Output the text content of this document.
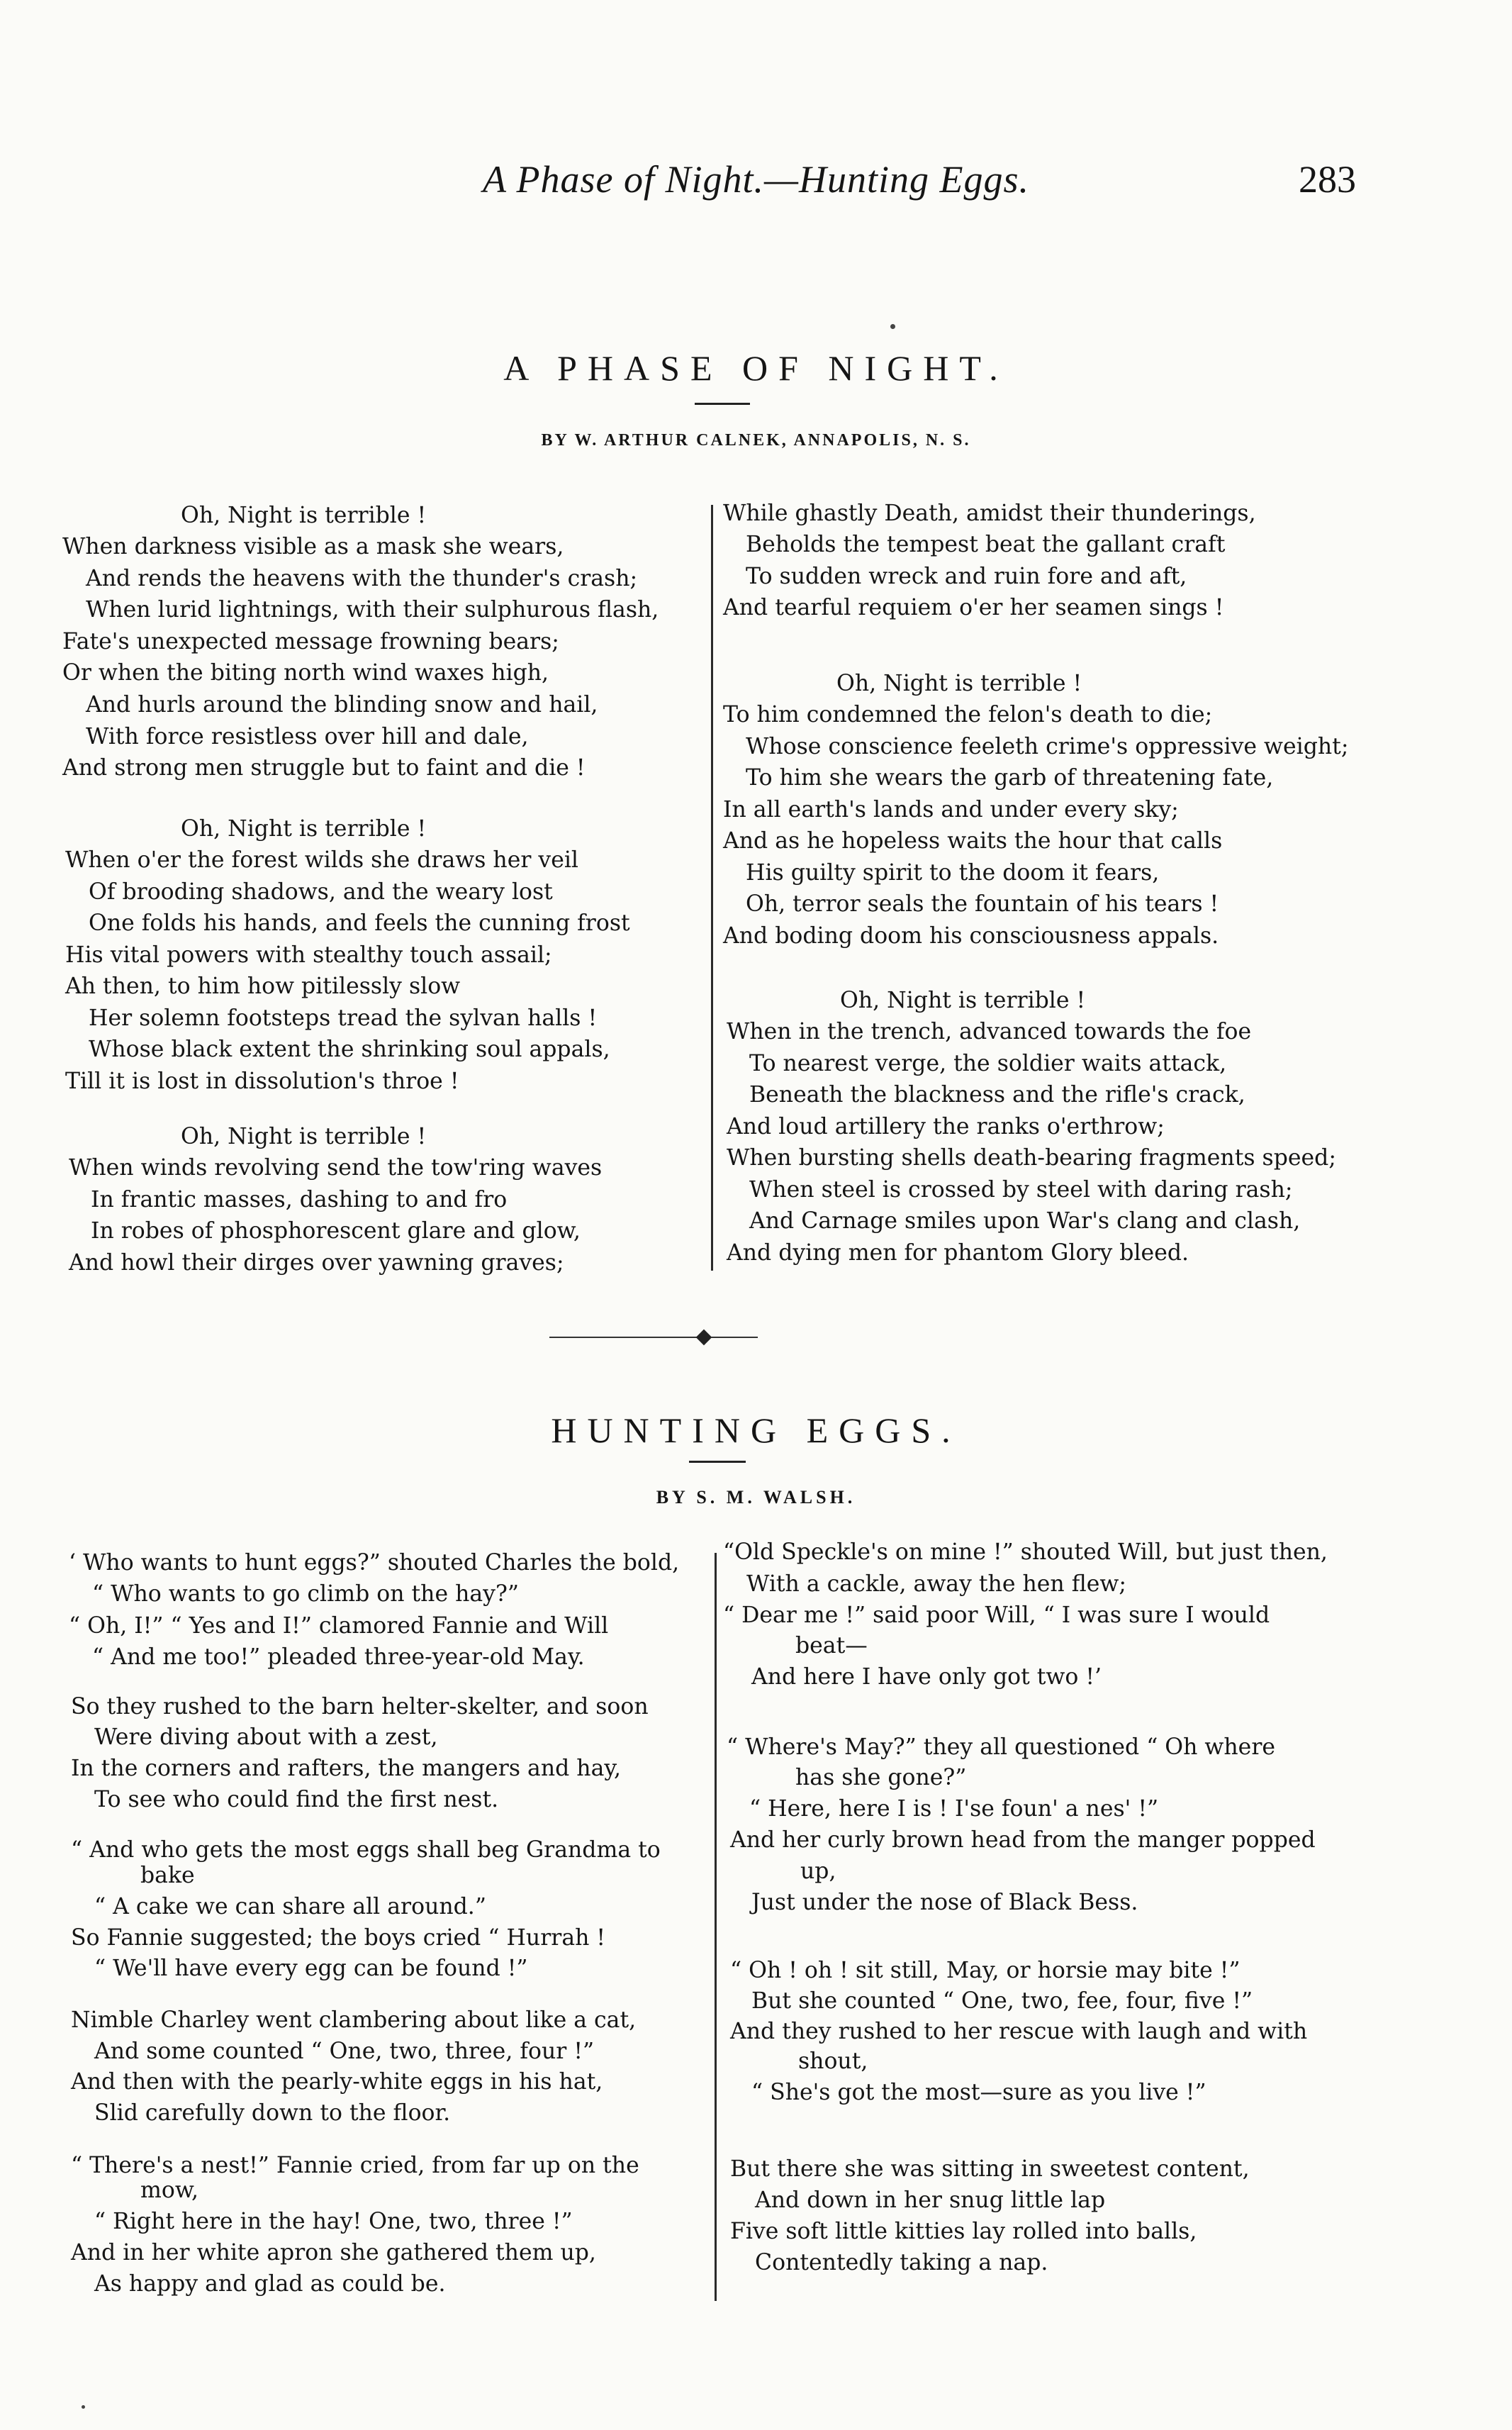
A Phase of Night.—Hunting Eggs.	283
A PHASE OF NIGHT.
BY W. ARTHUR CALNEK, ANNAPOLIS, N. S.
Oh, Night is terrible !
When darkness visible as a mask she wears,
And rends the heavens with the thunder's crash;
When lurid lightnings, with their sulphurous flash,
Fate's unexpected message frowning bears;
Or when the biting north wind waxes high,
And hurls around the blinding snow and hail,
With force resistless over hill and dale,
And strong men struggle but to faint and die !
Oh, Night is terrible !
When o'er the forest wilds she draws her veil
Of brooding shadows, and the weary lost
One folds his hands, and feels the cunning frost
His vital powers with stealthy touch assail;
Ah then, to him how pitilessly slow
Her solemn footsteps tread the sylvan halls !
Whose black extent the shrinking soul appals,
Till it is lost in dissolution's throe !
Oh, Night is terrible !
When winds revolving send the tow'ring waves
In frantic masses, dashing to and fro
In robes of phosphorescent glare and glow,
And howl their dirges over yawning graves;
While ghastly Death, amidst their thunderings,
Beholds the tempest beat the gallant craft
To sudden wreck and ruin fore and aft,
And tearful requiem o'er her seamen sings !
Oh, Night is terrible !
To him condemned the felon's death to die;
Whose conscience feeleth crime's oppressive weight;
To him she wears the garb of threatening fate,
In all earth's lands and under every sky;
And as he hopeless waits the hour that calls
His guilty spirit to the doom it fears,
Oh, terror seals the fountain of his tears !
And boding doom his consciousness appals.
Oh, Night is terrible !
When in the trench, advanced towards the foe
To nearest verge, the soldier waits attack,
Beneath the blackness and the rifle's crack,
And loud artillery the ranks o'erthrow;
When bursting shells death-bearing fragments speed;
When steel is crossed by steel with daring rash;
And Carnage smiles upon War's clang and clash,
And dying men for phantom Glory bleed.
HUNTING EGGS.
BY S. M. WALSH.
‘ Who wants to hunt eggs?” shouted Charles the bold,
“ Who wants to go climb on the hay?”
“ Oh, I!” “ Yes and I!” clamored Fannie and Will
“ And me too!” pleaded three-year-old May.
So they rushed to the barn helter-skelter, and soon
Were diving about with a zest,
In the corners and rafters, the mangers and hay,
To see who could find the first nest.
“ And who gets the most eggs shall beg Grandma to
bake
“ A cake we can share all around.”
So Fannie suggested; the boys cried “ Hurrah !
“ We'll have every egg can be found !”
Nimble Charley went clambering about like a cat,
And some counted “ One, two, three, four !”
And then with the pearly-white eggs in his hat,
Slid carefully down to the floor.
“ There's a nest!” Fannie cried, from far up on the
mow,
“ Right here in the hay! One, two, three !”
And in her white apron she gathered them up,
As happy and glad as could be.
“Old Speckle's on mine !” shouted Will, but just then,
With a cackle, away the hen flew;
“ Dear me !” said poor Will, “ I was sure I would
beat—
And here I have only got two !’
“ Where's May?” they all questioned “ Oh where
has she gone?”
“ Here, here I is ! I'se foun' a nes' !”
And her curly brown head from the manger popped
up,
Just under the nose of Black Bess.
“ Oh ! oh ! sit still, May, or horsie may bite !”
But she counted “ One, two, fee, four, five !”
And they rushed to her rescue with laugh and with
shout,
“ She's got the most—sure as you live !”
But there she was sitting in sweetest content,
And down in her snug little lap
Five soft little kitties lay rolled into balls,
Contentedly taking a nap.
